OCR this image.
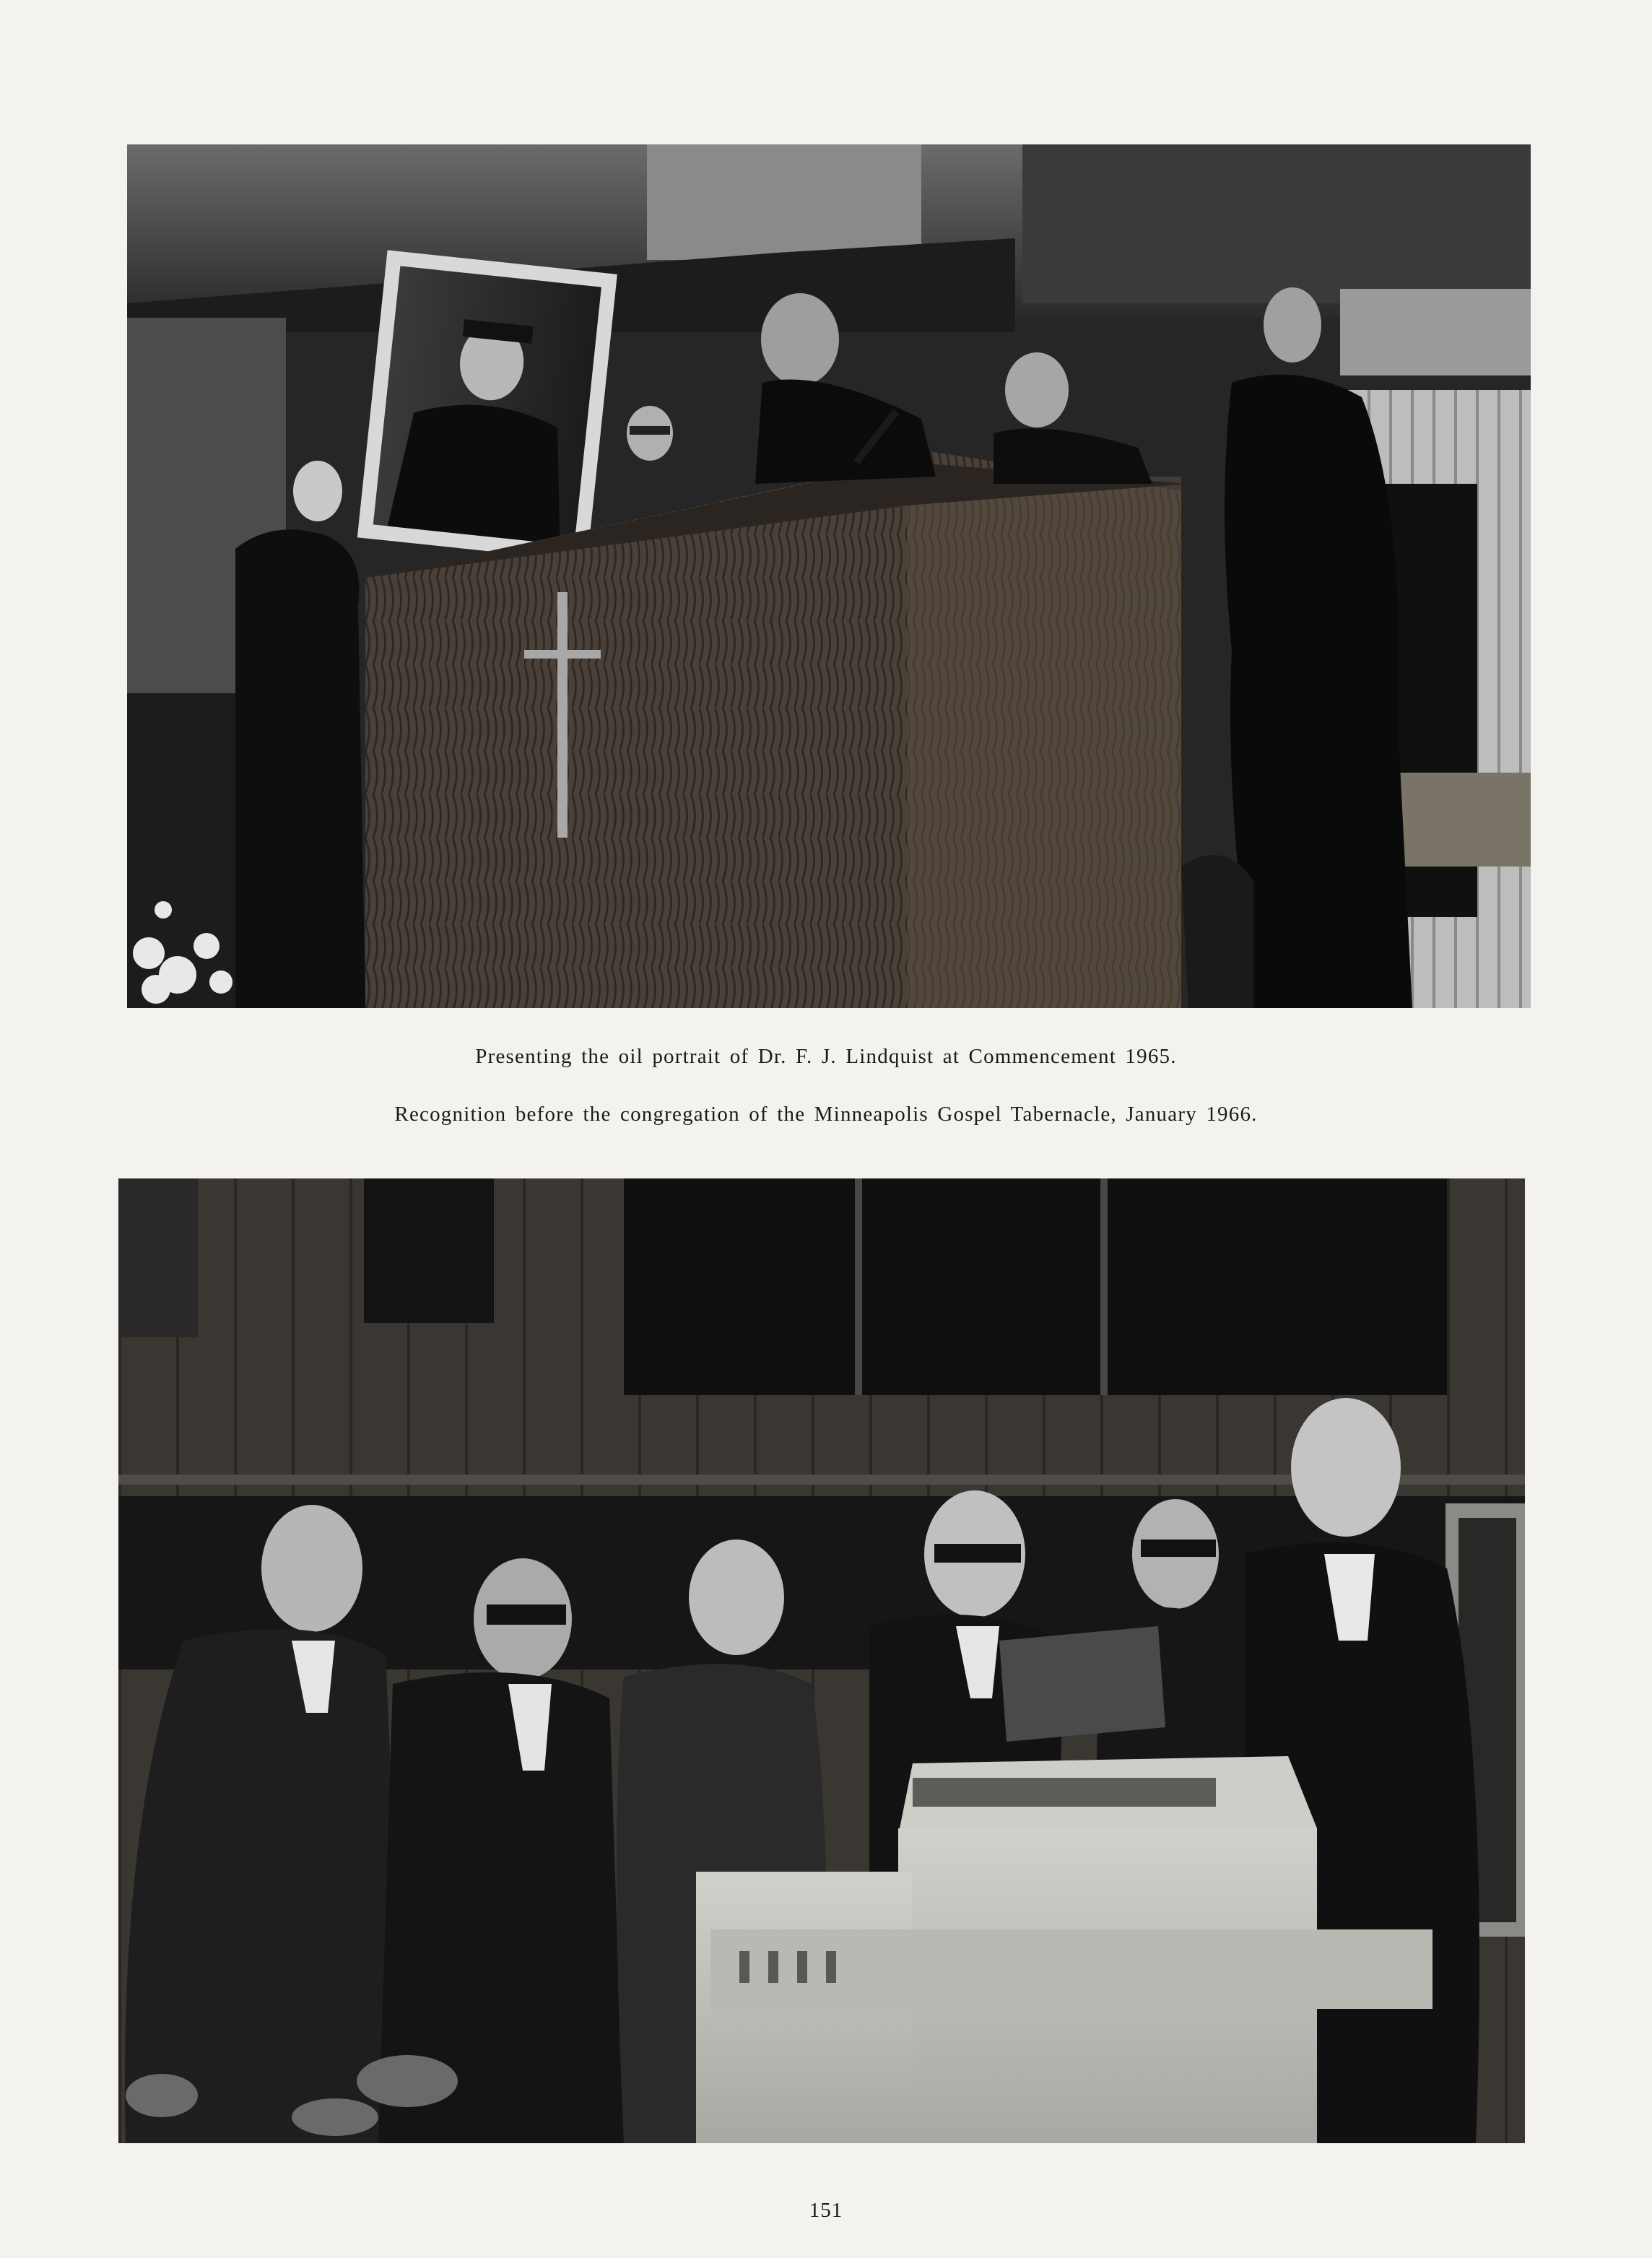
Presenting the oil portrait of Dr. F. J. Lindquist at Commencement 1965.
Recognition before the congregation of the Minneapolis Gospel Tabernacle, January 1966.
151
